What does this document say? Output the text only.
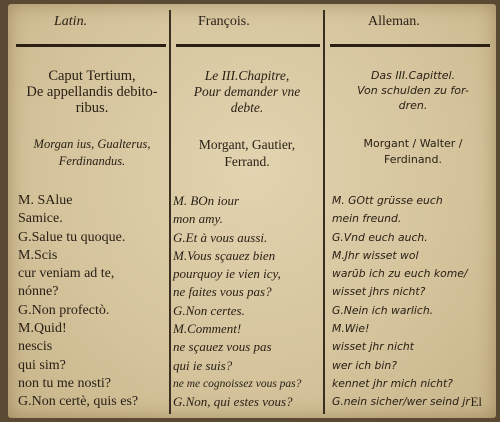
Latin.	François.	Alleman.
Caput Tertium,
De appellandis debito-
ribus.
Morgan ius, Gualterus,
Ferdinandus.
M. SAlue
Samice.
G.Salue tu quoque.
M.Scis
cur veniam ad te,
nónne?
G.Non profectò.
M.Quid!
nescis
qui sim?
non tu me nosti?
G.Non certè, quis es?
Le III.Chapitre,
Pour demander vne
debte.
Morgant, Gautier,
Ferrand.
M. BOn iour
mon amy.
G.Et à vous aussi.
M.Vous sçauez bien
pourquoy ie vien icy,
ne faites vous pas?
G.Non certes.
M.Comment!
ne sçauez vous pas
qui ie suis?
ne me cognoissez vous pas?
G.Non, qui estes vous?
Das III.Capittel.
Von schulden zu for-
dren.
Morgant / Walter /
Ferdinand.
M. GOtt grüsse euch
mein freund.
G.Vnd euch auch.
M.Jhr wisset wol
warūb ich zu euch kome/
wisset jhrs nicht?
G.Nein ich warlich.
M.Wie!
wisset jhr nicht
wer ich bin?
kennet jhr mich nicht?
G.nein sicher/wer seind jr El
